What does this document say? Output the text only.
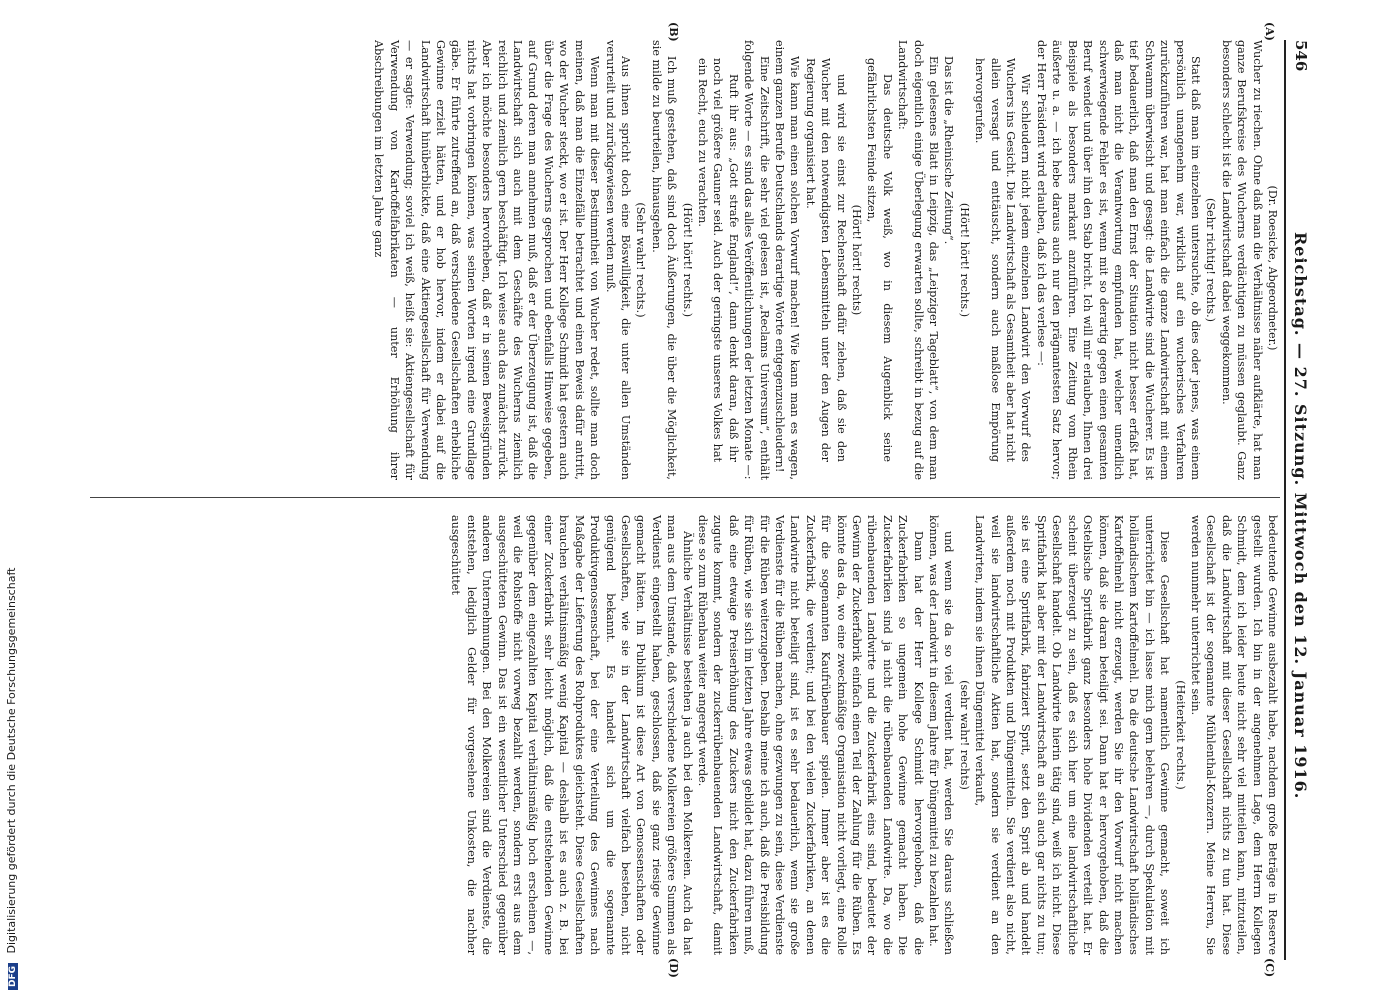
546
Reichstag. — 27. Sitzung. Mittwoch den 12. Januar 1916.
(A)
(B)
(C)
(D)

(Dr. Roesicke, Abgeordneter.)

Wucher zu riechen. Ohne daß man die Verhältnisse näher aufklärte, hat man ganze Berufskreise des Wucherns verdächtigen zu müssen geglaubt. Ganz besonders schlecht ist die Landwirtschaft dabei weggekommen.

(Sehr richtig! rechts.)

Statt daß man im einzelnen untersuchte, ob dies oder jenes, was einem persönlich unangenehm war, wirklich auf ein wucherisches Verfahren zurückzuführen war, hat man einfach die ganze Landwirtschaft mit einem Schwamm überwischt und gesagt: die Landwirte sind die Wucherer. Es ist tief bedauerlich, daß man den Ernst der Situation nicht besser erfaßt hat, daß man nicht die Verantwortung empfunden hat, welcher unendlich schwerwiegende Fehler es ist, wenn mit so derartig gegen einen gesamten Beruf wendet und über ihn den Stab bricht. Ich will mir erlauben, Ihnen drei Beispiele als besonders markant anzuführen. Eine Zeitung vom Rhein äußerte u. a. — ich hebe daraus auch nur den prägnantesten Satz hervor; der Herr Präsident wird erlauben, daß ich das verlese —:

Wir schleudern nicht jedem einzelnen Landwirt den Vorwurf des Wuchers ins Gesicht. Die Landwirtschaft als Gesamtheit aber hat nicht allein versagt und enttäuscht, sondern auch maßlose Empörung hervorgerufen.

(Hört! hört! rechts.)

Das ist die „Rheinische Zeitung“.

Ein gelesenes Blatt in Leipzig, das „Leipziger Tageblatt“, von dem man doch eigentlich einige Überlegung erwarten sollte, schreibt in bezug auf die Landwirtschaft:

Das deutsche Volk weiß, wo in diesem Augenblick seine gefährlichsten Feinde sitzen,

(Hört! hört! rechts)

und wird sie einst zur Rechenschaft dafür ziehen, daß sie den Wucher mit den notwendigsten Lebensmitteln unter den Augen der Regierung organisiert hat.

Wie kann man einen solchen Vorwurf machen! Wie kann man es wagen, einem ganzen Berufe Deutschlands derartige Worte entgegenzuschleudern!

Eine Zeitschrift, die sehr viel gelesen ist, „Reclams Universum“, enthält folgende Worte — es sind das alles Veröffentlichungen der letzten Monate —:

Ruft ihr aus: „Gott strafe England!“, dann denkt daran, daß ihr noch viel größere Gauner seid. Auch der geringste unseres Volkes hat ein Recht, euch zu verachten.

(Hört! hört! rechts.)

Ich muß gestehen, daß sind doch Äußerungen, die über die Möglichkeit, sie milde zu beurteilen, hinausgehen.

(Sehr wahr! rechts.)

Aus ihnen spricht doch eine Böswilligkeit, die unter allen Umständen verurteilt und zurückgewiesen werden muß.

Wenn man mit dieser Bestimmtheit von Wucher redet, sollte man doch meinen, daß man die Einzelfälle betrachtet und einen Beweis dafür antritt, wo der Wucher steckt, wo er ist. Der Herr Kollege Schmidt hat gestern auch über die Frage des Wucherns gesprochen und ebenfalls Hinweise gegeben, auf Grund deren man annehmen muß, daß er der Überzeugung ist, daß die Landwirtschaft sich auch mit dem Geschäfte des Wucherns ziemlich reichlich und ziemlich gern beschäftigt. Ich weise auch das zunächst zurück. Aber ich möchte besonders hervorheben, daß er in seinen Beweisgründen nichts hat vorbringen können, was seinen Worten irgend eine Grundlage gäbe. Er führte zutreffend an, daß verschiedene Gesellschaften erhebliche Gewinne erzielt hätten, und er hob hervor, indem er dabei auf die Landwirtschaft hinüberblickte, daß eine Aktiengesellschaft für Verwendung — er sagte: Verwendung; soviel ich weiß, heißt sie: Aktiengesellschaft für Verwendung von Kartoffelfabrikaten — unter Erhöhung ihrer Abschreibungen im letzten Jahre ganz

bedeutende Gewinne ausbezahlt habe, nachdem große Beträge in Reserve gestellt wurden. Ich bin in der angenehmen Lage, dem Herrn Kollegen Schmidt, dem ich leider heute nicht sehr viel mitteilen kann, mitzuteilen, daß die Landwirtschaft mit dieser Gesellschaft nichts zu tun hat. Diese Gesellschaft ist der sogenannte Mühlenthal-Konzern. Meine Herren, Sie werden nunmehr unterrichtet sein.

(Heiterkeit rechts.)

Diese Gesellschaft hat namentlich Gewinne gemacht, soweit ich unterrichtet bin — ich lasse mich gern belehren —, durch Spekulation mit holländischem Kartoffelmehl. Da die deutsche Landwirtschaft holländisches Kartoffelmehl nicht erzeugt, werden Sie ihr den Vorwurf nicht machen können, daß sie daran beteiligt sei. Dann hat er hervorgehoben, daß die Ostelbische Spritfabrik ganz besonders hohe Dividenden verteilt hat. Er scheint überzeugt zu sein, daß es sich hier um eine landwirtschaftliche Gesellschaft handelt. Ob Landwirte hierin tätig sind, weiß ich nicht. Diese Spritfabrik hat aber mit der Landwirtschaft an sich auch gar nichts zu tun; sie ist eine Spritfabrik, fabriziert Sprit, setzt den Sprit ab und handelt außerdem noch mit Produkten und Düngemitteln. Sie verdient also nicht, weil sie landwirtschaftliche Aktien hat, sondern sie verdient an den Landwirten, indem sie ihnen Düngemittel verkauft,

(sehr wahr! rechts)

und wenn sie da so viel verdient hat, werden Sie daraus schließen können, was der Landwirt in diesem Jahre für Düngemittel zu bezahlen hat.

Dann hat der Herr Kollege Schmidt hervorgehoben, daß die Zuckerfabriken so ungemein hohe Gewinne gemacht haben. Die Zuckerfabriken sind ja nicht die rübenbauenden Landwirte. Da, wo die rübenbauenden Landwirte und die Zuckerfabrik eins sind, bedeutet der Gewinn der Zuckerfabrik einfach einen Teil der Zahlung für die Rüben. Es könnte das da, wo eine zweckmäßige Organisation nicht vorliegt, eine Rolle für die sogenannten Kaufrübenbauer spielen. Immer aber ist es die Zuckerfabrik, die verdient; und bei den vielen Zuckerfabriken, an denen Landwirte nicht beteiligt sind, ist es sehr bedauerlich, wenn sie große Verdienste für die Rüben machen, ohne gezwungen zu sein, diese Verdienste für die Rüben weiterzugeben. Deshalb meine ich auch, daß die Preisbildung für Rüben, wie sie sich im letzten Jahre etwas gebildet hat, dazu führen muß, daß eine etwaige Preiserhöhung des Zuckers nicht den Zuckerfabriken zugute kommt, sondern der zuckerrübenbauenden Landwirtschaft, damit diese so zum Rübenbau weiter angeregt werde.

Ähnliche Verhältnisse bestehen ja auch bei den Molkereien. Auch da hat man aus dem Umstande, daß verschiedene Molkereien größere Summen als Verdienst eingestellt haben, geschlossen, daß sie ganz riesige Gewinne gemacht hätten. Im Publikum ist diese Art von Genossenschaften oder Gesellschaften, wie sie in der Landwirtschaft vielfach bestehen, nicht genügend bekannt. Es handelt sich um die sogenannte Produktivgenossenschaft, bei der eine Verteilung des Gewinnes nach Maßgabe der Lieferung des Rohproduktes gleichsteht. Diese Gesellschaften brauchen verhältnismäßig wenig Kapital — deshalb ist es auch z. B. bei einer Zuckerfabrik sehr leicht möglich, daß die entstehenden Gewinne gegenüber dem eingezahlten Kapital verhältnismäßig hoch erscheinen —, weil die Rohstoffe nicht vorweg bezahlt werden, sondern erst aus dem ausgeschütteten Gewinn. Das ist ein wesentlicher Unterschied gegenüber anderen Unternehmungen. Bei den Molkereien sind die Verdienste, die entstehen, lediglich Gelder für vorgesehene Unkosten, die nachher ausgeschüttet

DFG Digitalisierung gefördert durch die Deutsche Forschungsgemeinschaft
